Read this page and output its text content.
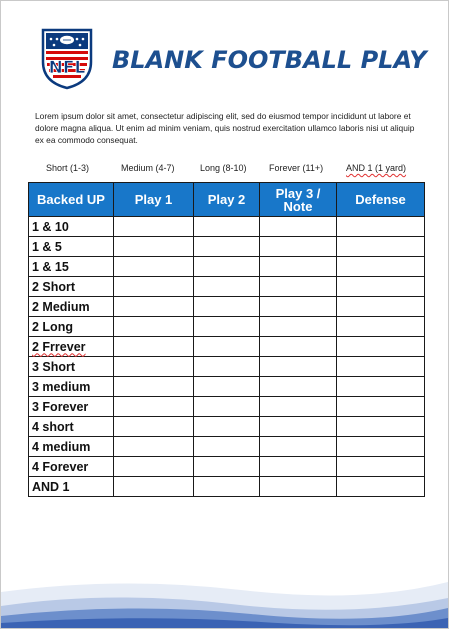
NFL BLANK FOOTBALL PLAY

Lorem ipsum dolor sit amet, consectetur adipiscing elit, sed do eiusmod tempor incididunt ut labore et dolore magna aliqua. Ut enim ad minim veniam, quis nostrud exercitation ullamco laboris nisi ut aliquip ex ea commodo consequat.

Short (1-3)	Medium (4-7)	Long (8-10) Forever (11+)	AND 1 (1 yard)
Backed UP	Play 1	Play 2	Play 3 / Note	Defense
1 & 10				
1 & 5				
1 & 15				
2 Short				
2 Medium				
2 Long				
2 Frrever				
3 Short				
3 medium				
3 Forever				
4 short				
4 medium				
4 Forever				
AND 1				
